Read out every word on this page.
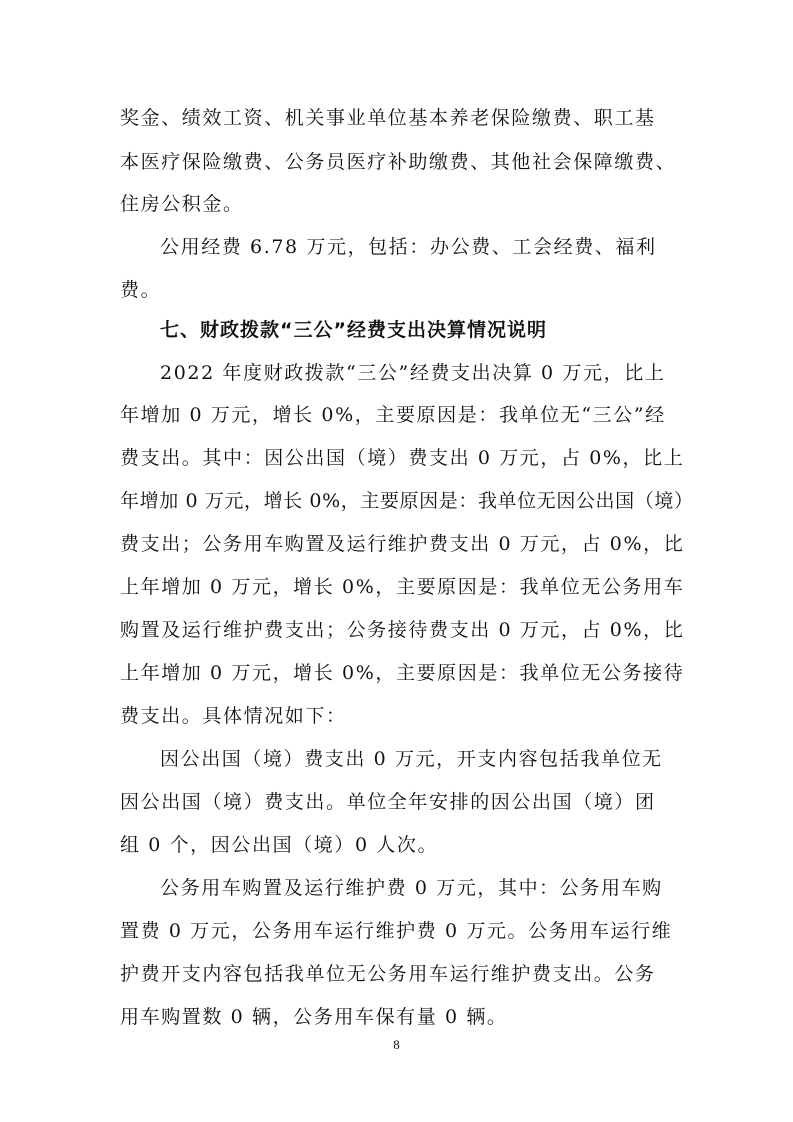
奖金、绩效工资、机关事业单位基本养老保险缴费、职工基
本医疗保险缴费、公务员医疗补助缴费、其他社会保障缴费、
住房公积金。
公用经费 6.78 万元，包括：办公费、工会经费、福利
费。
七、财政拨款“三公”经费支出决算情况说明
2022 年度财政拨款“三公”经费支出决算 0 万元，比上
年增加 0 万元，增长 0%，主要原因是：我单位无“三公”经
费支出。其中：因公出国（境）费支出 0 万元，占 0%，比上
年增加 0 万元，增长 0%，主要原因是：我单位无因公出国（境）
费支出；公务用车购置及运行维护费支出 0 万元，占 0%，比
上年增加 0 万元，增长 0%，主要原因是：我单位无公务用车
购置及运行维护费支出；公务接待费支出 0 万元，占 0%，比
上年增加 0 万元，增长 0%，主要原因是：我单位无公务接待
费支出。具体情况如下：
因公出国（境）费支出 0 万元，开支内容包括我单位无
因公出国（境）费支出。单位全年安排的因公出国（境）团
组 0 个，因公出国（境）0 人次。
公务用车购置及运行维护费 0 万元，其中：公务用车购
置费 0 万元，公务用车运行维护费 0 万元。公务用车运行维
护费开支内容包括我单位无公务用车运行维护费支出。公务
用车购置数 0 辆，公务用车保有量 0 辆。
8
